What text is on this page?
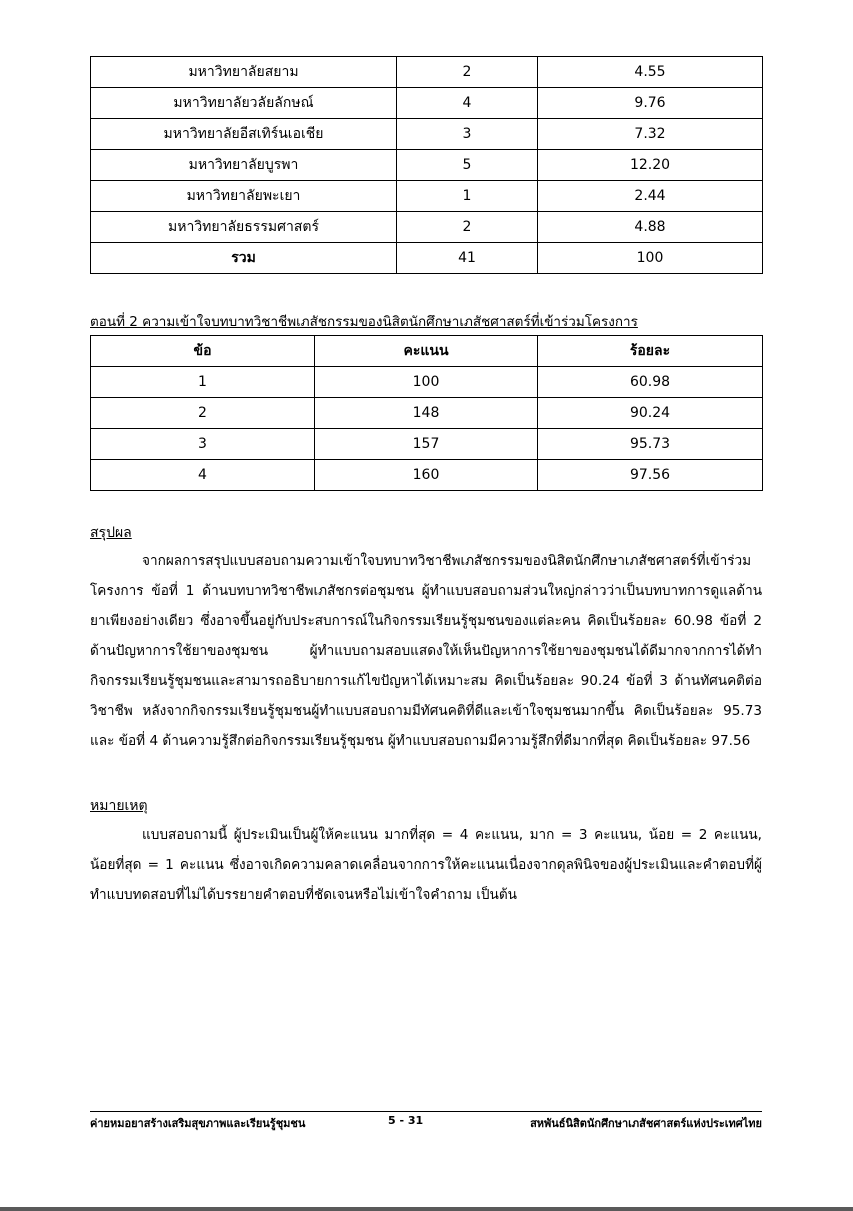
มหาวิทยาลัยสยาม	2	4.55
มหาวิทยาลัยวลัยลักษณ์	4	9.76
มหาวิทยาลัยอีสเทิร์นเอเชีย	3	7.32
มหาวิทยาลัยบูรพา	5	12.20
มหาวิทยาลัยพะเยา	1	2.44
มหาวิทยาลัยธรรมศาสตร์	2	4.88
รวม	41	100
ตอนที่ 2 ความเข้าใจบทบาทวิชาชีพเภสัชกรรมของนิสิตนักศึกษาเภสัชศาสตร์ที่เข้าร่วมโครงการ
ข้อ	คะแนน	ร้อยละ
1	100	60.98
2	148	90.24
3	157	95.73
4	160	97.56
สรุปผล

จากผลการสรุปแบบสอบถามความเข้าใจบทบาทวิชาชีพเภสัชกรรมของนิสิตนักศึกษาเภสัชศาสตร์ที่เข้าร่วมโครงการ ข้อที่ 1 ด้านบทบาทวิชาชีพเภสัชกรต่อชุมชน ผู้ทำแบบสอบถามส่วนใหญ่กล่าวว่าเป็นบทบาทการดูแลด้านยาเพียงอย่างเดียว ซึ่งอาจขึ้นอยู่กับประสบการณ์ในกิจกรรมเรียนรู้ชุมชนของแต่ละคน คิดเป็นร้อยละ 60.98 ข้อที่ 2 ด้านปัญหาการใช้ยาของชุมชน ผู้ทำแบบถามสอบแสดงให้เห็นปัญหาการใช้ยาของชุมชนได้ดีมากจากการได้ทำกิจกรรมเรียนรู้ชุมชนและสามารถอธิบายการแก้ไขปัญหาได้เหมาะสม คิดเป็นร้อยละ 90.24 ข้อที่ 3 ด้านทัศนคติต่อวิชาชีพ หลังจากกิจกรรมเรียนรู้ชุมชนผู้ทำแบบสอบถามมีทัศนคติที่ดีและเข้าใจชุมชนมากขึ้น คิดเป็นร้อยละ 95.73 และ ข้อที่ 4 ด้านความรู้สึกต่อกิจกรรมเรียนรู้ชุมชน ผู้ทำแบบสอบถามมีความรู้สึกที่ดีมากที่สุด คิดเป็นร้อยละ 97.56

หมายเหตุ

แบบสอบถามนี้ ผู้ประเมินเป็นผู้ให้คะแนน มากที่สุด = 4 คะแนน, มาก = 3 คะแนน, น้อย = 2 คะแนน, น้อยที่สุด = 1 คะแนน ซึ่งอาจเกิดความคลาดเคลื่อนจากการให้คะแนนเนื่องจากดุลพินิจของผู้ประเมินและคำตอบที่ผู้ทำแบบทดสอบที่ไม่ได้บรรยายคำตอบที่ชัดเจนหรือไม่เข้าใจคำถาม เป็นต้น

ค่ายหมอยาสร้างเสริมสุขภาพและเรียนรู้ชุมชน	5 - 31	สหพันธ์นิสิตนักศึกษาเภสัชศาสตร์แห่งประเทศไทย
